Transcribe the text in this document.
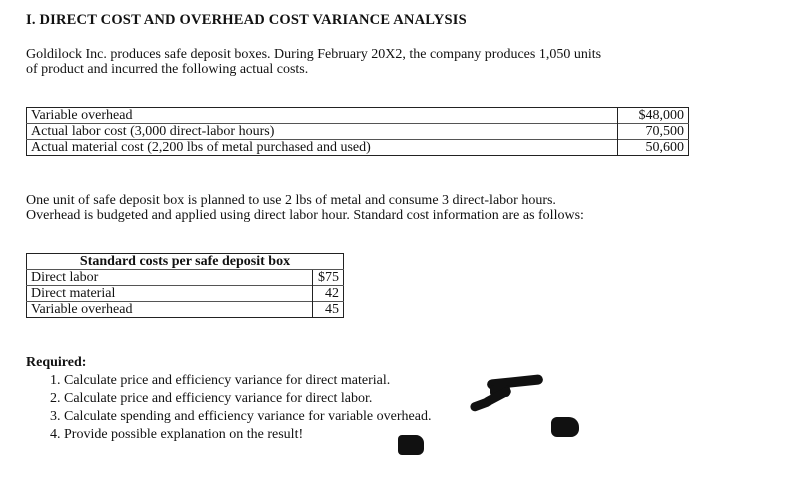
I. DIRECT COST AND OVERHEAD COST VARIANCE ANALYSIS
Goldilock Inc. produces safe deposit boxes. During February 20X2, the company produces 1,050 units
of product and incurred the following actual costs.
Variable overhead	$48,000
Actual labor cost (3,000 direct-labor hours)	70,500
Actual material cost (2,200 lbs of metal purchased and used)	50,600
One unit of safe deposit box is planned to use 2 lbs of metal and consume 3 direct-labor hours.
Overhead is budgeted and applied using direct labor hour. Standard cost information are as follows:
Standard costs per safe deposit box	
Direct labor	$75
Direct material	42
Variable overhead	45
Required:
1. Calculate price and efficiency variance for direct material.
2. Calculate price and efficiency variance for direct labor.
3. Calculate spending and efficiency variance for variable overhead.
4. Provide possible explanation on the result!
